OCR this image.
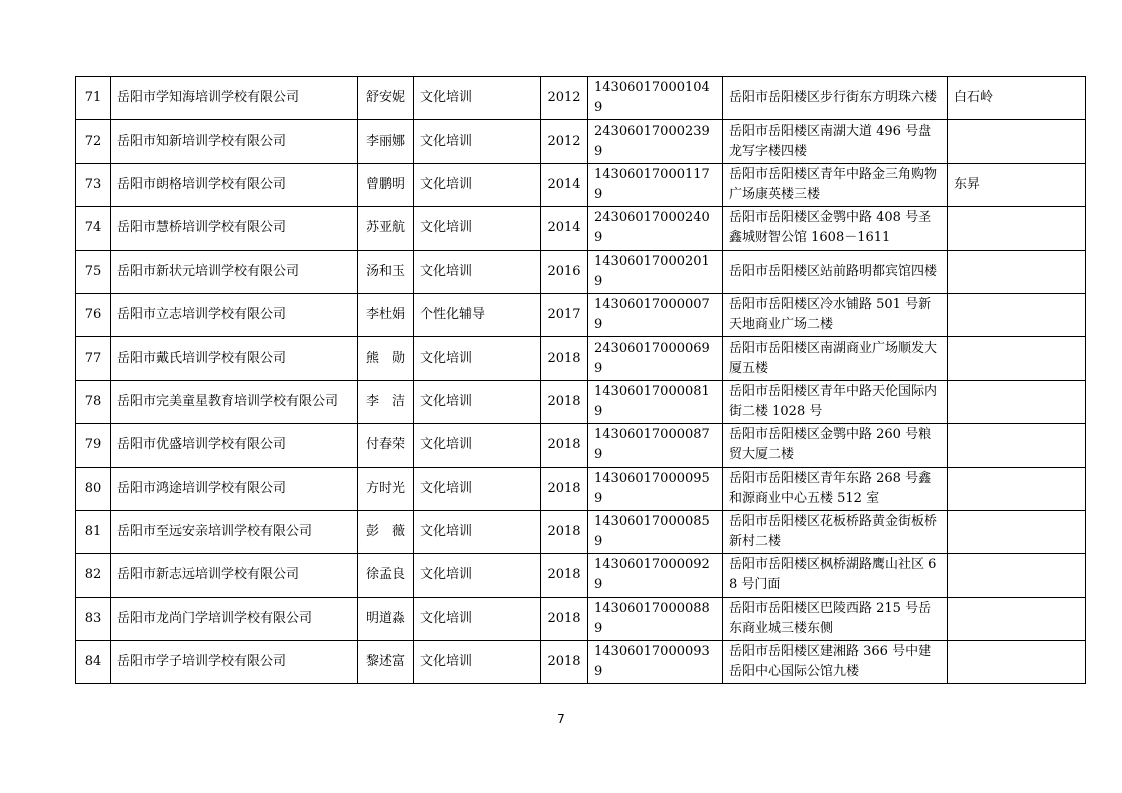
71	岳阳市学知海培训学校有限公司	舒安妮	文化培训	2012	143060170001049	岳阳市岳阳楼区步行街东方明珠六楼	白石岭
72	岳阳市知新培训学校有限公司	李丽娜	文化培训	2012	243060170002399	岳阳市岳阳楼区南湖大道 496 号盘龙写字楼四楼	
73	岳阳市朗格培训学校有限公司	曾鹏明	文化培训	2014	143060170001179	岳阳市岳阳楼区青年中路金三角购物广场康英楼三楼	东昇
74	岳阳市慧桥培训学校有限公司	苏亚航	文化培训	2014	243060170002409	岳阳市岳阳楼区金鹗中路 408 号圣鑫城财智公馆 1608－1611	
75	岳阳市新状元培训学校有限公司	汤和玉	文化培训	2016	143060170002019	岳阳市岳阳楼区站前路明都宾馆四楼	
76	岳阳市立志培训学校有限公司	李杜娟	个性化辅导	2017	143060170000079	岳阳市岳阳楼区冷水铺路 501 号新天地商业广场二楼	
77	岳阳市戴氏培训学校有限公司	熊　勋	文化培训	2018	243060170000699	岳阳市岳阳楼区南湖商业广场顺发大厦五楼	
78	岳阳市完美童星教育培训学校有限公司	李　洁	文化培训	2018	143060170000819	岳阳市岳阳楼区青年中路天伦国际内街二楼 1028 号	
79	岳阳市优盛培训学校有限公司	付春荣	文化培训	2018	143060170000879	岳阳市岳阳楼区金鹗中路 260 号粮贸大厦二楼	
80	岳阳市鸿途培训学校有限公司	方时光	文化培训	2018	143060170000959	岳阳市岳阳楼区青年东路 268 号鑫和源商业中心五楼 512 室	
81	岳阳市至远安亲培训学校有限公司	彭　薇	文化培训	2018	143060170000859	岳阳市岳阳楼区花板桥路黄金街板桥新村二楼	
82	岳阳市新志远培训学校有限公司	徐孟良	文化培训	2018	143060170000929	岳阳市岳阳楼区枫桥湖路鹰山社区 68 号门面	
83	岳阳市龙尚门学培训学校有限公司	明道淼	文化培训	2018	143060170000889	岳阳市岳阳楼区巴陵西路 215 号岳东商业城三楼东侧	
84	岳阳市学子培训学校有限公司	黎述富	文化培训	2018	143060170000939	岳阳市岳阳楼区建湘路 366 号中建岳阳中心国际公馆九楼	
7
